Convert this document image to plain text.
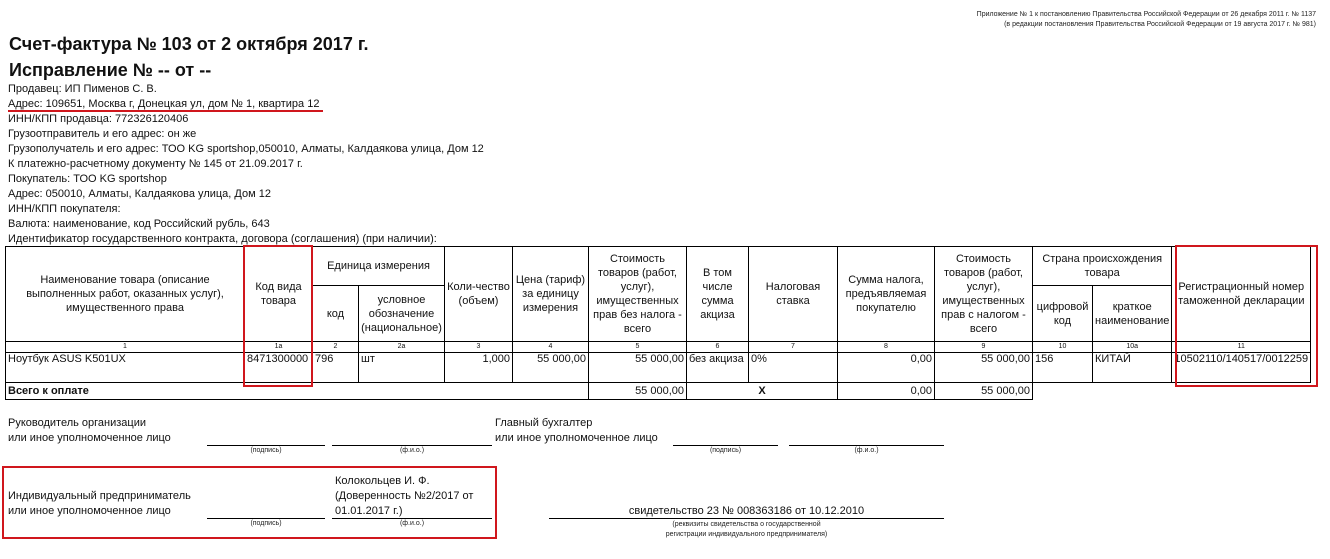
Приложение № 1 к постановлению Правительства Российской Федерации от 26 декабря 2011 г. № 1137
(в редакции постановления Правительства Российской Федерации от 19 августа 2017 г. № 981)
Счет-фактура № 103 от 2 октября 2017 г.
Исправление № -- от --
Продавец: ИП Пименов С. В.
Адрес: 109651, Москва г, Донецкая ул, дом № 1, квартира 12
ИНН/КПП продавца: 772326120406
Грузоотправитель и его адрес: он же
Грузополучатель и его адрес: ТОО KG sportshop,050010, Алматы, Калдаякова улица, Дом 12
К платежно-расчетному документу № 145 от 21.09.2017 г.
Покупатель: ТОО KG sportshop
Адрес: 050010, Алматы, Калдаякова улица, Дом 12
ИНН/КПП покупателя:
Валюта: наименование, код Российский рубль, 643
Идентификатор государственного контракта, договора (соглашения) (при наличии):
Наименование товара (описание выполненных работ, оказанных услуг), имущественного права	Код вида товара	Единица измерения		Коли-чество (объем)	Цена (тариф) за единицу измерения	Стоимость товаров (работ, услуг), имущественных прав без налога - всего	В том числе сумма акциза	Налоговая ставка	Сумма налога, предъявляемая покупателю	Стоимость товаров (работ, услуг), имущественных прав с налогом - всего	Страна происхождения товара		Регистрационный номер таможенной декларации
		код	условное обозначение (национальное)								цифровой код	краткое наименование	
1	1а	2	2а	3	4	5	6	7	8	9	10	10а	11
Ноутбук ASUS K501UX	8471300000	796	шт	1,000	55 000,00	55 000,00	без акциза	0%	0,00	55 000,00	156	КИТАЙ	10502110/140517/0012259
Всего к оплате						55 000,00	Х		0,00	55 000,00			
Руководитель организации
или иное уполномоченное лицо
(подпись)	(ф.и.о.)
Главный бухгалтер
или иное уполномоченное лицо
(подпись)	(ф.и.о.)
Индивидуальный предприниматель
или иное уполномоченное лицо
(подпись)
Колокольцев И. Ф.
(Доверенность №2/2017 от
01.01.2017 г.)
(ф.и.о.)
свидетельство 23 № 008363186 от 10.12.2010
(реквизиты свидетельства о государственной
регистрации индивидуального предпринимателя)
